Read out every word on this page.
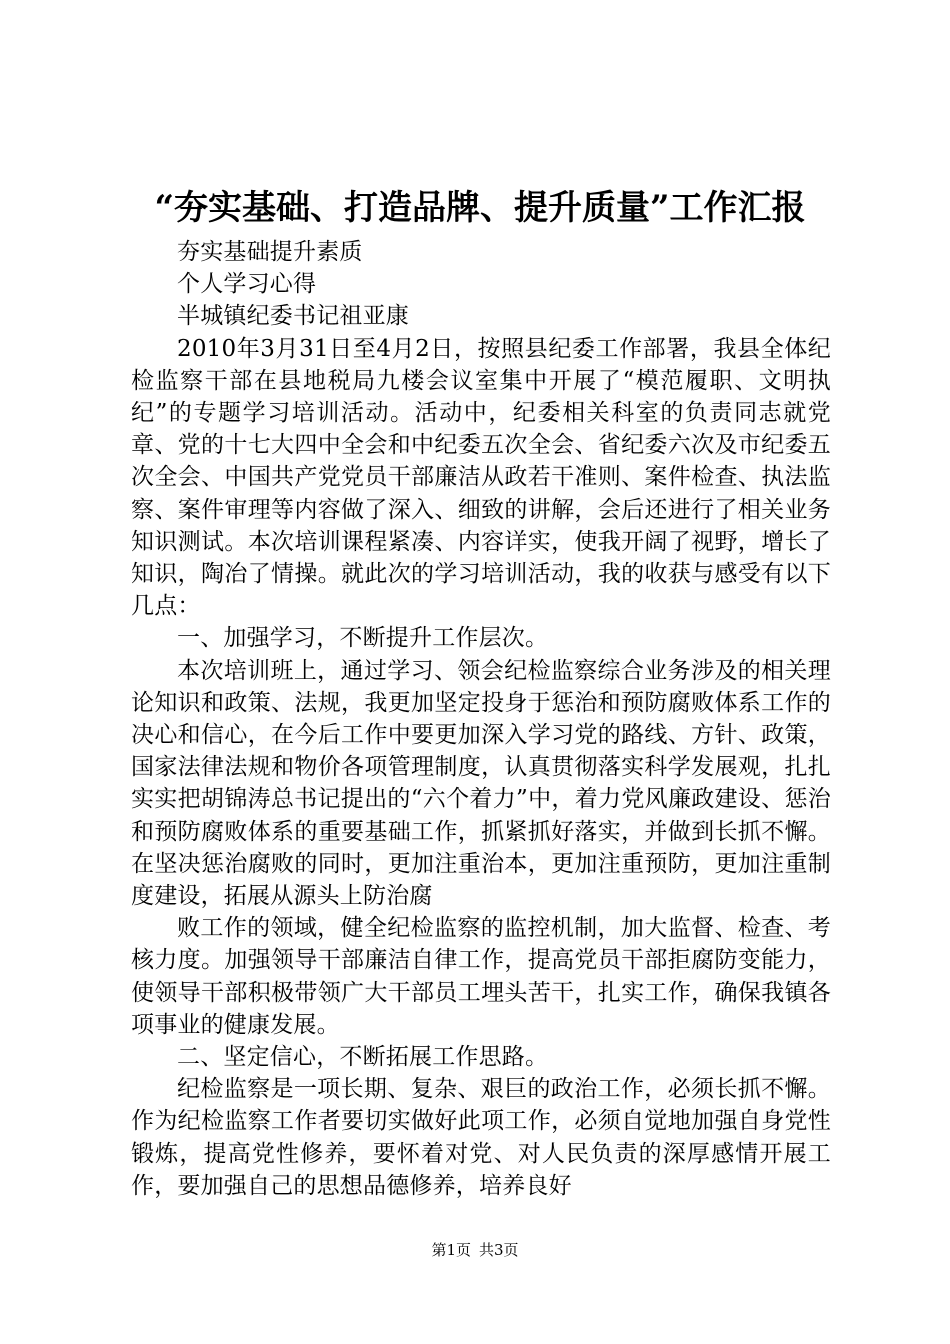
“夯实基础、打造品牌、提升质量”工作汇报

夯实基础提升素质

个人学习心得

半城镇纪委书记祖亚康

2010年3月31日至4月2日，按照县纪委工作部署，我县全体纪检监察干部在县地税局九楼会议室集中开展了“模范履职、文明执纪”的专题学习培训活动。活动中，纪委相关科室的负责同志就党章、党的十七大四中全会和中纪委五次全会、省纪委六次及市纪委五次全会、中国共产党党员干部廉洁从政若干准则、案件检查、执法监察、案件审理等内容做了深入、细致的讲解，会后还进行了相关业务知识测试。本次培训课程紧凑、内容详实，使我开阔了视野，增长了知识，陶冶了情操。就此次的学习培训活动，我的收获与感受有以下几点：

一、加强学习，不断提升工作层次。

本次培训班上，通过学习、领会纪检监察综合业务涉及的相关理论知识和政策、法规，我更加坚定投身于惩治和预防腐败体系工作的决心和信心，在今后工作中要更加深入学习党的路线、方针、政策，国家法律法规和物价各项管理制度，认真贯彻落实科学发展观，扎扎实实把胡锦涛总书记提出的“六个着力”中，着力党风廉政建设、惩治和预防腐败体系的重要基础工作，抓紧抓好落实，并做到长抓不懈。在坚决惩治腐败的同时，更加注重治本，更加注重预防，更加注重制度建设，拓展从源头上防治腐

败工作的领域，健全纪检监察的监控机制，加大监督、检查、考核力度。加强领导干部廉洁自律工作，提高党员干部拒腐防变能力，使领导干部积极带领广大干部员工埋头苦干，扎实工作，确保我镇各项事业的健康发展。

二、坚定信心，不断拓展工作思路。

纪检监察是一项长期、复杂、艰巨的政治工作，必须长抓不懈。作为纪检监察工作者要切实做好此项工作，必须自觉地加强自身党性锻炼，提高党性修养，要怀着对党、对人民负责的深厚感情开展工作，要加强自己的思想品德修养，培养良好

第1页 共3页
